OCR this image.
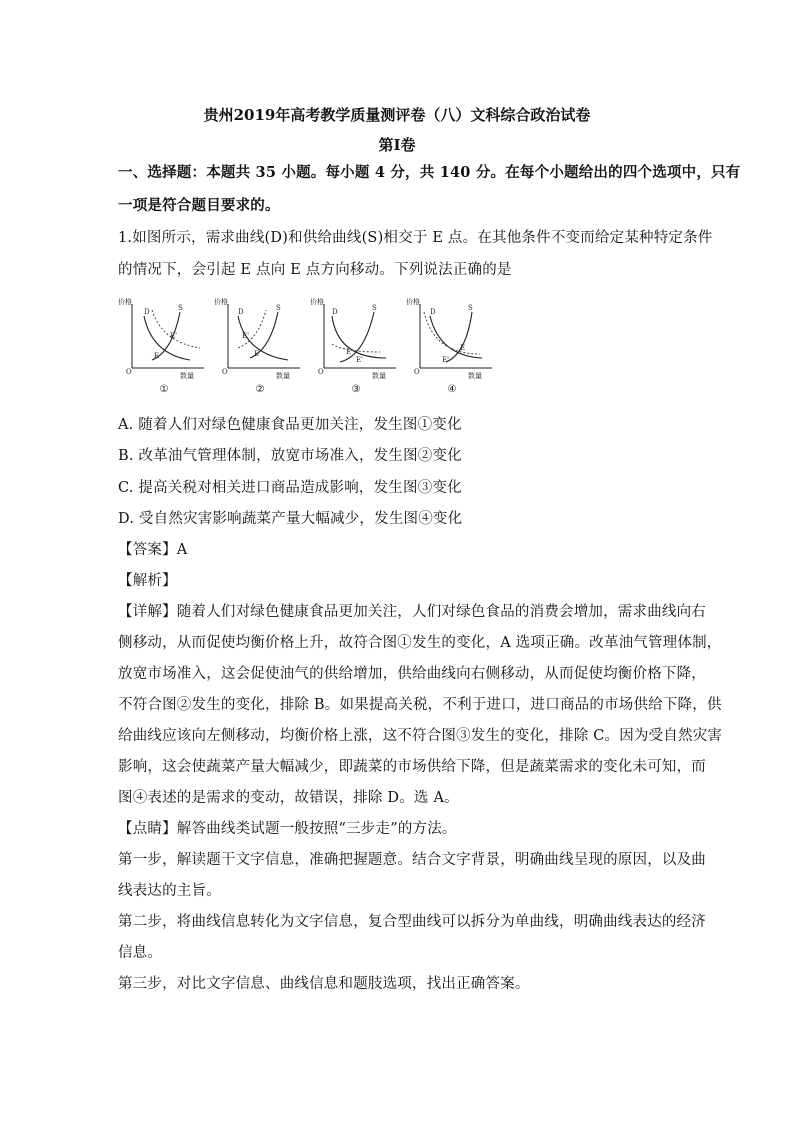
贵州2019年高考教学质量测评卷（八）文科综合政治试卷
第Ⅰ卷
一、选择题：本题共 35 小题。每小题 4 分，共 140 分。在每个小题给出的四个选项中，只有
一项是符合题目要求的。
1.如图所示，需求曲线(D)和供给曲线(S)相交于 E 点。在其他条件不变而给定某种特定条件
的情况下，会引起 E 点向 E 点方向移动。下列说法正确的是
价格
O	数量
D	S
E
E'
①
价格
O	数量
D	S
E
E'
②
价格
O	数量
D	S
E
E'
③
价格
O	数量
D	S
E
E'
④
A. 随着人们对绿色健康食品更加关注，发生图①变化
B. 改革油气管理体制，放宽市场准入，发生图②变化
C. 提高关税对相关进口商品造成影响，发生图③变化
D. 受自然灾害影响蔬菜产量大幅减少，发生图④变化
【答案】A
【解析】
【详解】随着人们对绿色健康食品更加关注，人们对绿色食品的消费会增加，需求曲线向右
侧移动，从而促使均衡价格上升，故符合图①发生的变化，A 选项正确。改革油气管理体制，
放宽市场准入，这会促使油气的供给增加，供给曲线向右侧移动，从而促使均衡价格下降，
不符合图②发生的变化，排除 B。如果提高关税，不利于进口，进口商品的市场供给下降，供
给曲线应该向左侧移动，均衡价格上涨，这不符合图③发生的变化，排除 C。因为受自然灾害
影响，这会使蔬菜产量大幅减少，即蔬菜的市场供给下降，但是蔬菜需求的变化未可知，而
图④表述的是需求的变动，故错误，排除 D。选 A。
【点睛】解答曲线类试题一般按照“三步走”的方法。
第一步，解读题干文字信息，准确把握题意。结合文字背景，明确曲线呈现的原因，以及曲
线表达的主旨。
第二步，将曲线信息转化为文字信息，复合型曲线可以拆分为单曲线，明确曲线表达的经济
信息。
第三步，对比文字信息、曲线信息和题肢选项，找出正确答案。
